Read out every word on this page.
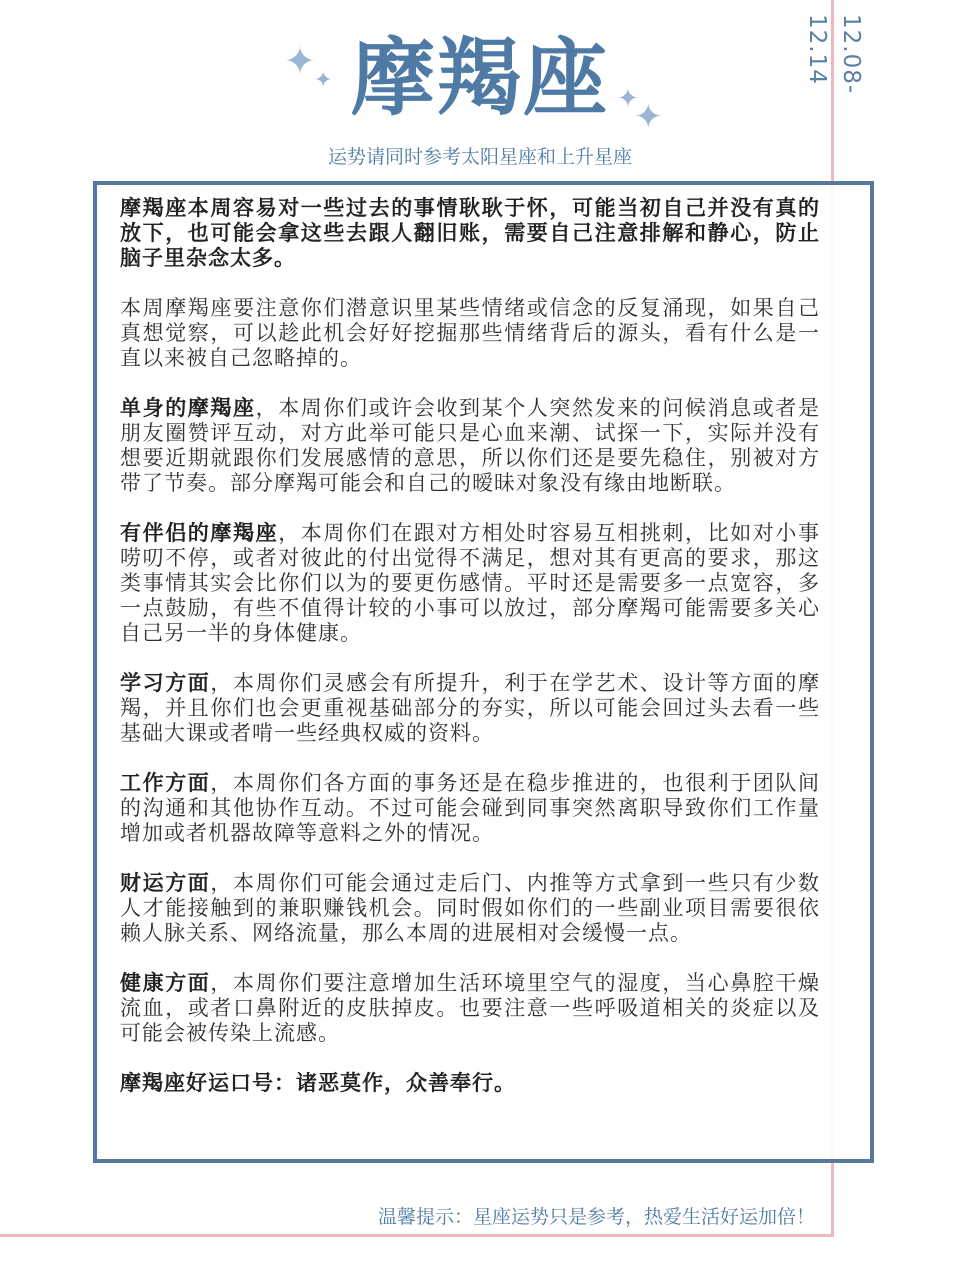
12.08-12.14
✦
✦
✦
✦
摩羯座
运势请同时参考太阳星座和上升星座

摩羯座本周容易对一些过去的事情耿耿于怀，可能当初自己并没有真的放下，也可能会拿这些去跟人翻旧账，需要自己注意排解和静心，防止脑子里杂念太多。

本周摩羯座要注意你们潜意识里某些情绪或信念的反复涌现，如果自己真想觉察，可以趁此机会好好挖掘那些情绪背后的源头，看有什么是一直以来被自己忽略掉的。

单身的摩羯座，本周你们或许会收到某个人突然发来的问候消息或者是朋友圈赞评互动，对方此举可能只是心血来潮、试探一下，实际并没有想要近期就跟你们发展感情的意思，所以你们还是要先稳住，别被对方带了节奏。部分摩羯可能会和自己的暧昧对象没有缘由地断联。

有伴侣的摩羯座，本周你们在跟对方相处时容易互相挑刺，比如对小事唠叨不停，或者对彼此的付出觉得不满足，想对其有更高的要求，那这类事情其实会比你们以为的要更伤感情。平时还是需要多一点宽容，多一点鼓励，有些不值得计较的小事可以放过，部分摩羯可能需要多关心自己另一半的身体健康。

学习方面，本周你们灵感会有所提升，利于在学艺术、设计等方面的摩羯，并且你们也会更重视基础部分的夯实，所以可能会回过头去看一些基础大课或者啃一些经典权威的资料。

工作方面，本周你们各方面的事务还是在稳步推进的，也很利于团队间的沟通和其他协作互动。不过可能会碰到同事突然离职导致你们工作量增加或者机器故障等意料之外的情况。

财运方面，本周你们可能会通过走后门、内推等方式拿到一些只有少数人才能接触到的兼职赚钱机会。同时假如你们的一些副业项目需要很依赖人脉关系、网络流量，那么本周的进展相对会缓慢一点。

健康方面，本周你们要注意增加生活环境里空气的湿度，当心鼻腔干燥流血，或者口鼻附近的皮肤掉皮。也要注意一些呼吸道相关的炎症以及可能会被传染上流感。

摩羯座好运口号：诸恶莫作，众善奉行。

温馨提示：星座运势只是参考，热爱生活好运加倍！
